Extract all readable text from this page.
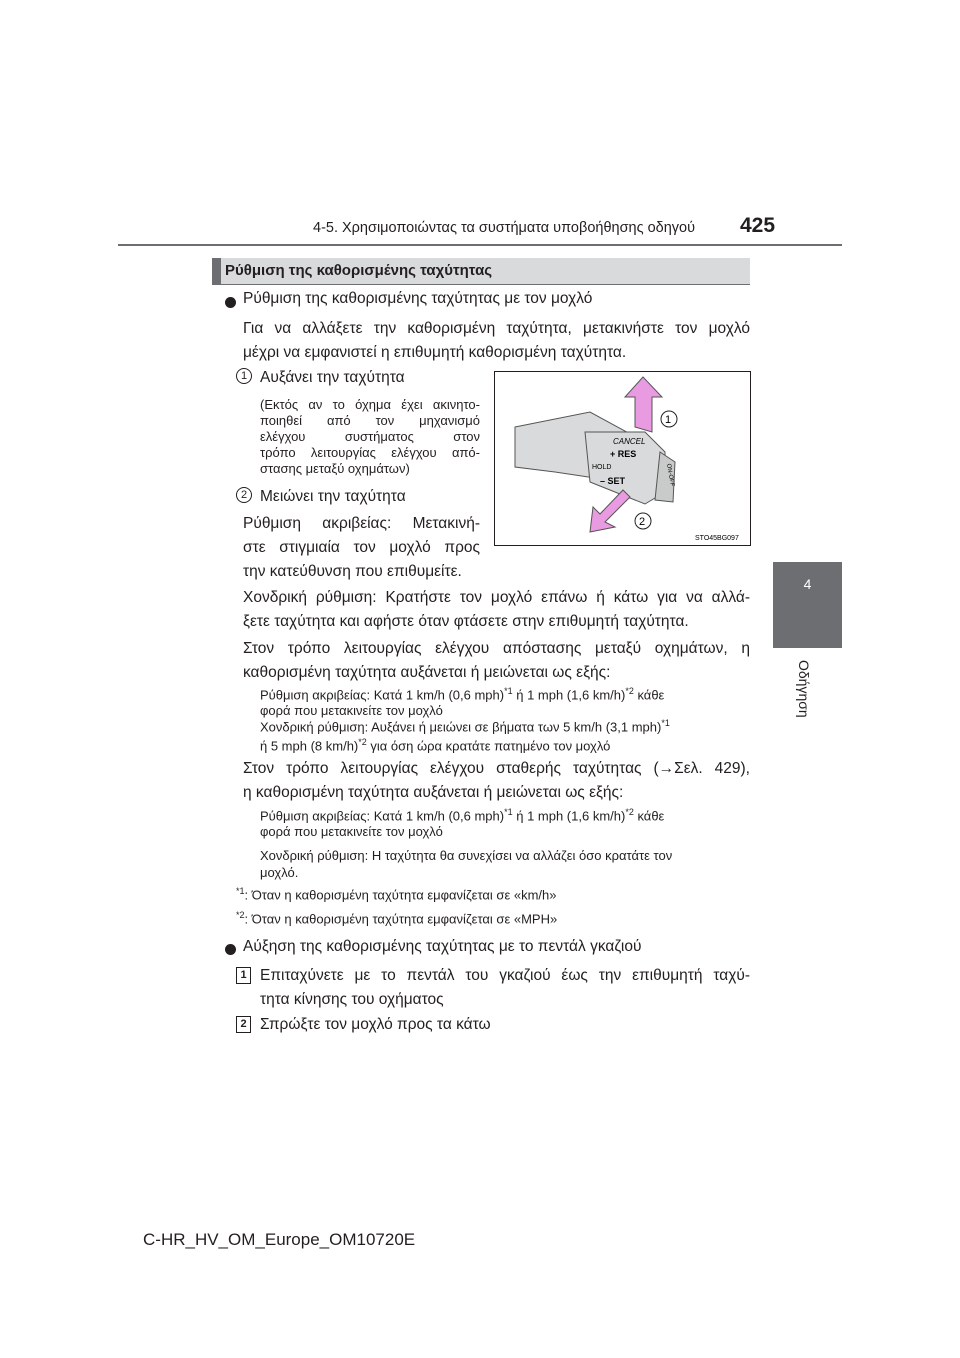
4-5. Χρησιμοποιώντας τα συστήματα υποβοήθησης οδηγού 425
4
Οδήγηση
Ρύθμιση της καθορισμένης ταχύτητας
Ρύθμιση της καθορισμένης ταχύτητας με τον μοχλό
Για να αλλάξετε την καθορισμένη ταχύτητα, μετακινήστε τον μοχλό
μέχρι να εμφανιστεί η επιθυμητή καθορισμένη ταχύτητα.
1 Αυξάνει την ταχύτητα
(Εκτός αν το όχημα έχει ακινητο-
ποιηθεί από τον μηχανισμό
ελέγχου συστήματος στον
τρόπο λειτουργίας ελέγχου από-
στασης μεταξύ οχημάτων)
2 Μειώνει την ταχύτητα
Ρύθμιση ακριβείας: Μετακινή-
στε στιγμιαία τον μοχλό προς
την κατεύθυνση που επιθυμείτε.
CANCEL
+ RES
HOLD
– SET	ON-OFF
1
2
STO45BG097
Χονδρική ρύθμιση: Κρατήστε τον μοχλό επάνω ή κάτω για να αλλά-
ξετε ταχύτητα και αφήστε όταν φτάσετε στην επιθυμητή ταχύτητα.
Στον τρόπο λειτουργίας ελέγχου απόστασης μεταξύ οχημάτων, η
καθορισμένη ταχύτητα αυξάνεται ή μειώνεται ως εξής:
Ρύθμιση ακριβείας: Κατά 1 km/h (0,6 mph)$^{*1}$ ή 1 mph (1,6 km/h)$^{*2}$ κάθε
φορά που μετακινείτε τον μοχλό
Χονδρική ρύθμιση: Αυξάνει ή μειώνει σε βήματα των 5 km/h (3,1 mph)$^{*1}$
ή 5 mph (8 km/h)$^{*2}$ για όση ώρα κρατάτε πατημένο τον μοχλό
Στον τρόπο λειτουργίας ελέγχου σταθερής ταχύτητας (→Σελ. 429),
η καθορισμένη ταχύτητα αυξάνεται ή μειώνεται ως εξής:
Ρύθμιση ακριβείας: Κατά 1 km/h (0,6 mph)$^{*1}$ ή 1 mph (1,6 km/h)$^{*2}$ κάθε
φορά που μετακινείτε τον μοχλό
Χονδρική ρύθμιση: Η ταχύτητα θα συνεχίσει να αλλάζει όσο κρατάτε τον
μοχλό.
$^{*1}$: Όταν η καθορισμένη ταχύτητα εμφανίζεται σε «km/h»
$^{*2}$: Όταν η καθορισμένη ταχύτητα εμφανίζεται σε «MPH»
Αύξηση της καθορισμένης ταχύτητας με το πεντάλ γκαζιού
1 Επιταχύνετε με το πεντάλ του γκαζιού έως την επιθυμητή ταχύ-
τητα κίνησης του οχήματος
2 Σπρώξτε τον μοχλό προς τα κάτω
C-HR_HV_OM_Europe_OM10720E
